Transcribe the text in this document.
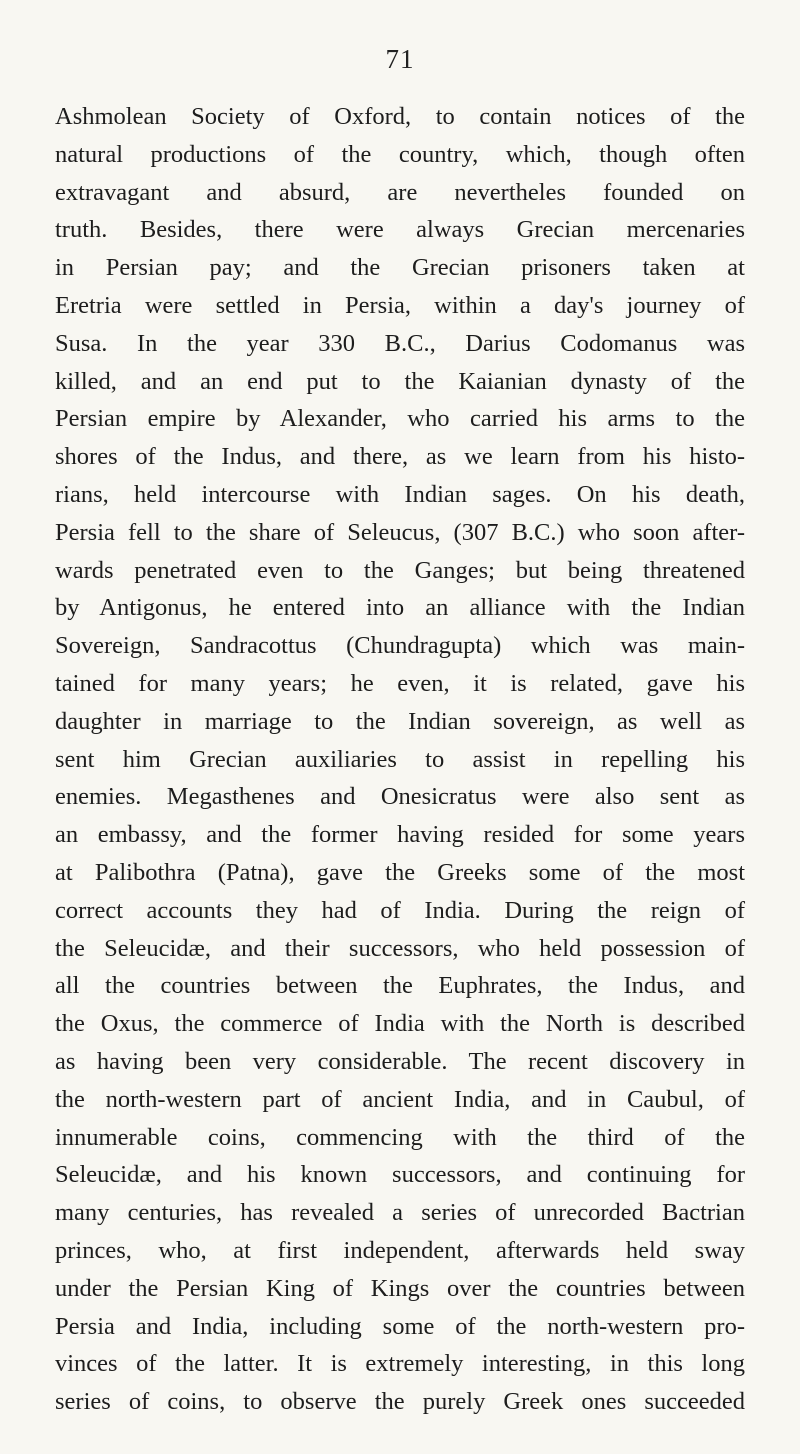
71
Ashmolean Society of Oxford, to contain notices of the
natural productions of the country, which, though often
extravagant and absurd, are nevertheles founded on
truth. Besides, there were always Grecian mercenaries
in Persian pay; and the Grecian prisoners taken at
Eretria were settled in Persia, within a day's journey of
Susa. In the year 330 B.C., Darius Codomanus was
killed, and an end put to the Kaianian dynasty of the
Persian empire by Alexander, who carried his arms to the
shores of the Indus, and there, as we learn from his histo-
rians, held intercourse with Indian sages. On his death,
Persia fell to the share of Seleucus, (307 B.C.) who soon after-
wards penetrated even to the Ganges; but being threatened
by Antigonus, he entered into an alliance with the Indian
Sovereign, Sandracottus (Chundragupta) which was main-
tained for many years; he even, it is related, gave his
daughter in marriage to the Indian sovereign, as well as
sent him Grecian auxiliaries to assist in repelling his
enemies. Megasthenes and Onesicratus were also sent as
an embassy, and the former having resided for some years
at Palibothra (Patna), gave the Greeks some of the most
correct accounts they had of India. During the reign of
the Seleucidæ, and their successors, who held possession of
all the countries between the Euphrates, the Indus, and
the Oxus, the commerce of India with the North is described
as having been very considerable. The recent discovery in
the north-western part of ancient India, and in Caubul, of
innumerable coins, commencing with the third of the
Seleucidæ, and his known successors, and continuing for
many centuries, has revealed a series of unrecorded Bactrian
princes, who, at first independent, afterwards held sway
under the Persian King of Kings over the countries between
Persia and India, including some of the north-western pro-
vinces of the latter. It is extremely interesting, in this long
series of coins, to observe the purely Greek ones succeeded
